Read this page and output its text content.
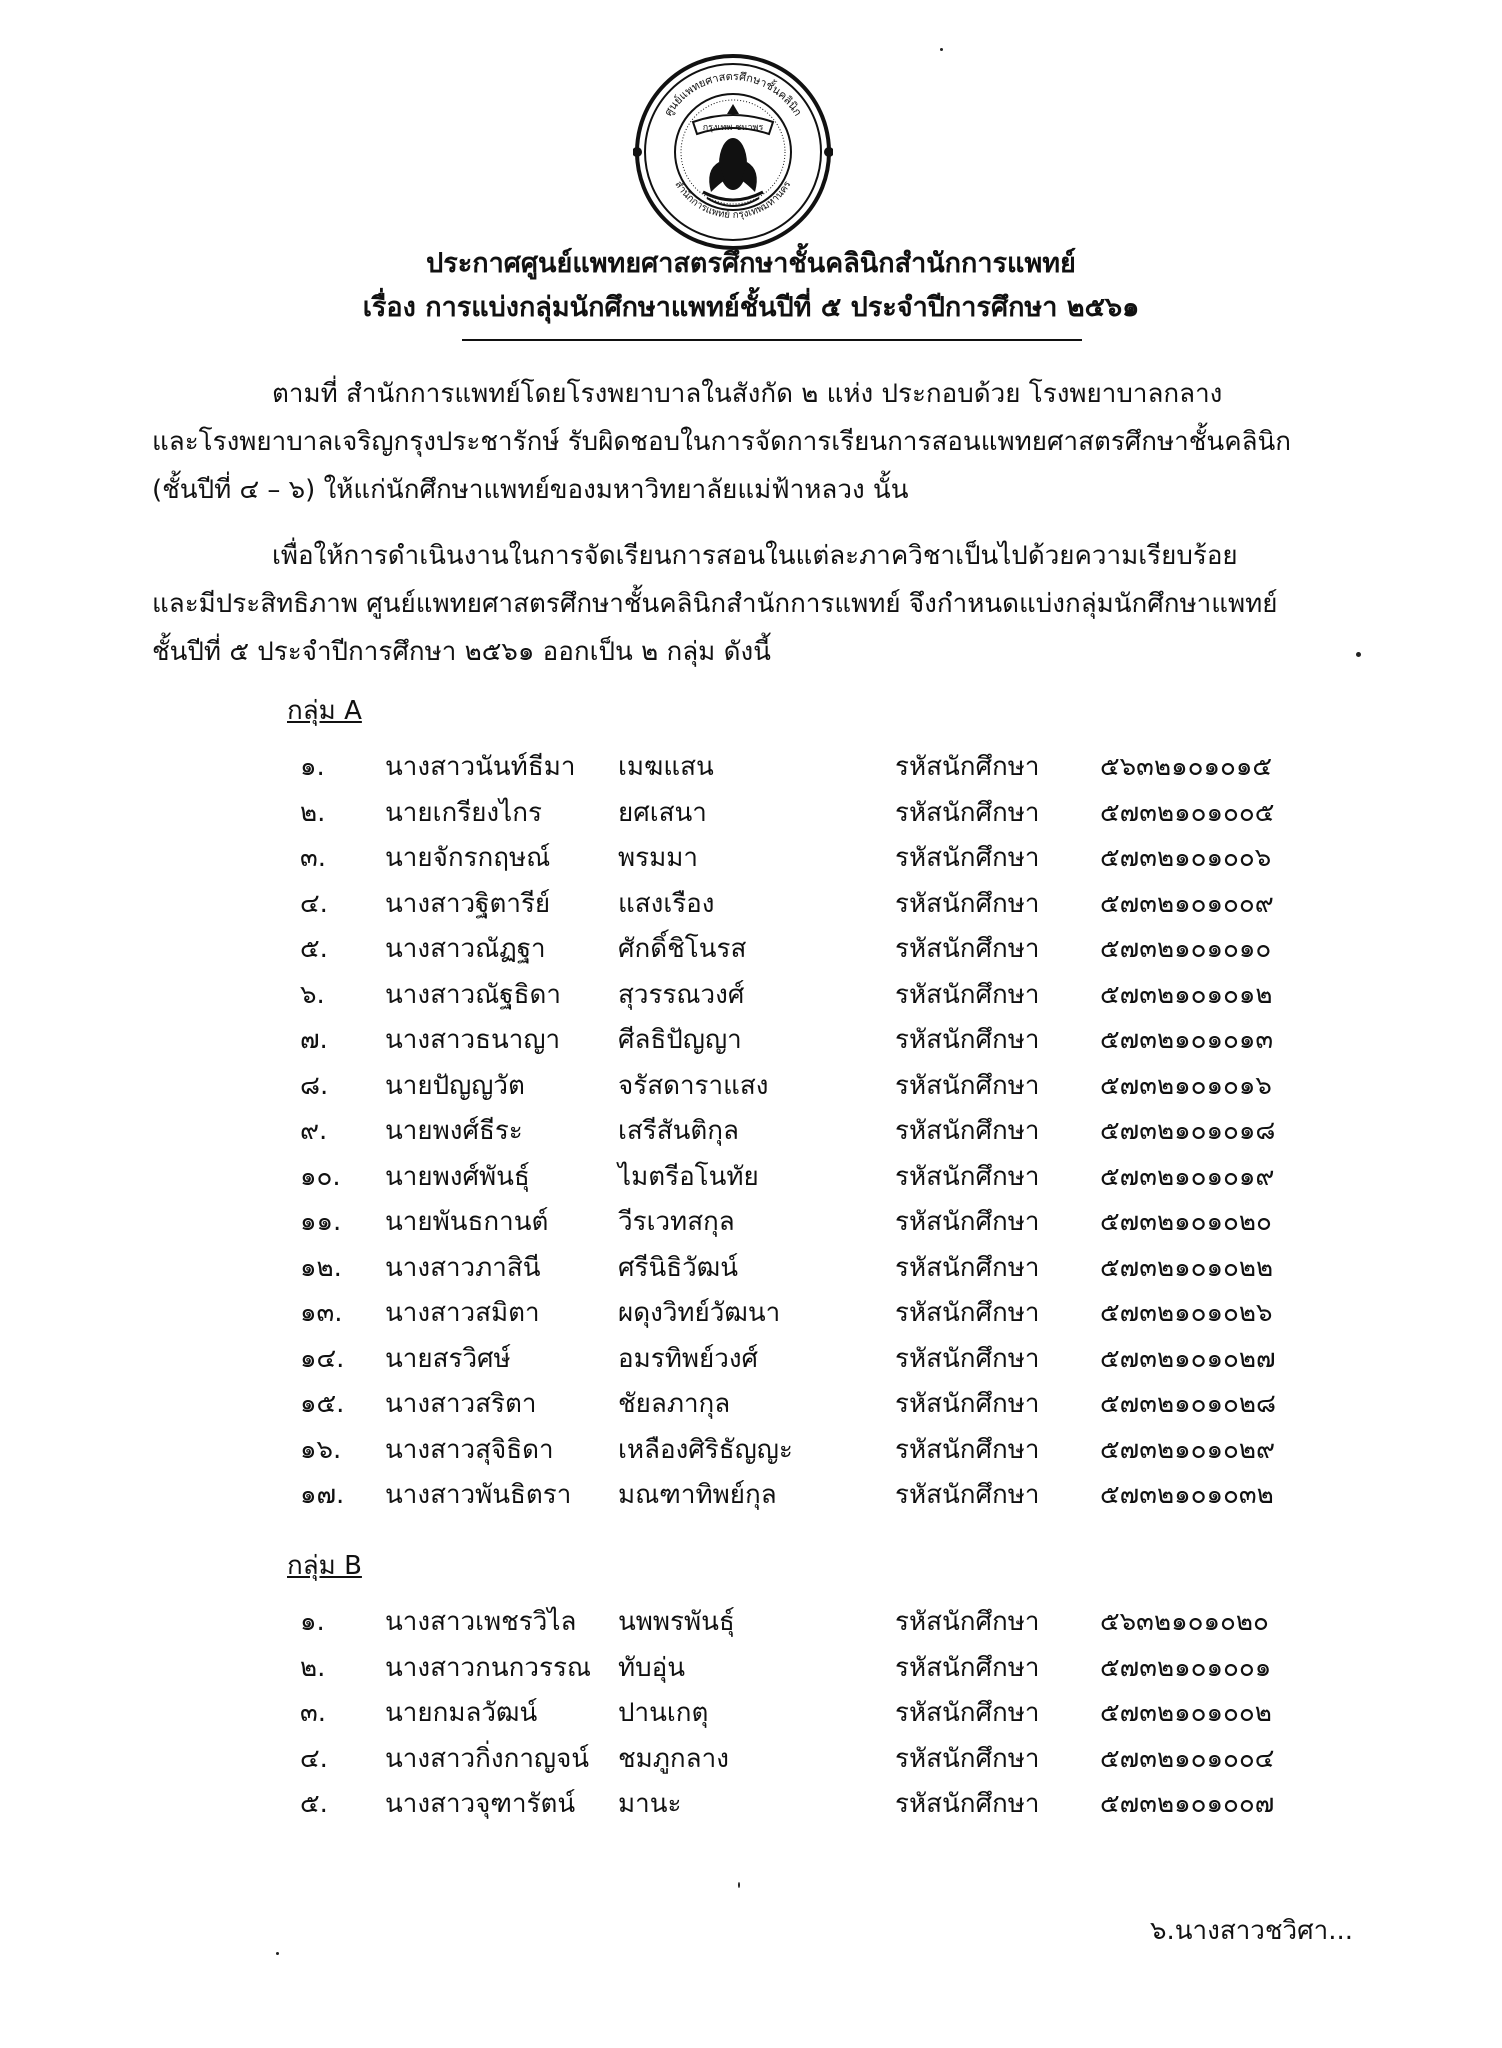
ศูนย์แพทยศาสตรศึกษาชั้นคลินิก
สำนักการแพทย์ กรุงเทพมหานคร
กรุงเทพ ชนาพร
ประกาศศูนย์แพทยศาสตรศึกษาชั้นคลินิกสำนักการแพทย์
เรื่อง การแบ่งกลุ่มนักศึกษาแพทย์ชั้นปีที่ ๕ ประจำปีการศึกษา ๒๕๖๑
ตามที่ สำนักการแพทย์โดยโรงพยาบาลในสังกัด ๒ แห่ง ประกอบด้วย โรงพยาบาลกลาง
และโรงพยาบาลเจริญกรุงประชารักษ์ รับผิดชอบในการจัดการเรียนการสอนแพทยศาสตรศึกษาชั้นคลินิก
(ชั้นปีที่ ๔ – ๖) ให้แก่นักศึกษาแพทย์ของมหาวิทยาลัยแม่ฟ้าหลวง นั้น
เพื่อให้การดำเนินงานในการจัดเรียนการสอนในแต่ละภาควิชาเป็นไปด้วยความเรียบร้อย
และมีประสิทธิภาพ ศูนย์แพทยศาสตรศึกษาชั้นคลินิกสำนักการแพทย์ จึงกำหนดแบ่งกลุ่มนักศึกษาแพทย์
ชั้นปีที่ ๕ ประจำปีการศึกษา ๒๕๖๑ ออกเป็น ๒ กลุ่ม ดังนี้
กลุ่ม A
๑. นางสาวนันท์ธีมา เมฆแสน	รหัสนักศึกษา ๕๖๓๒๑๐๑๐๑๕
๒. นายเกรียงไกร	ยศเสนา	รหัสนักศึกษา ๕๗๓๒๑๐๑๐๐๕
๓. นายจักรกฤษณ์	พรมมา	รหัสนักศึกษา ๕๗๓๒๑๐๑๐๐๖
๔. นางสาวฐิตารีย์	แสงเรือง	รหัสนักศึกษา ๕๗๓๒๑๐๑๐๐๙
๕. นางสาวณัฏฐา	ศักดิ์ชิโนรส	รหัสนักศึกษา ๕๗๓๒๑๐๑๐๑๐
๖. นางสาวณัฐธิดา สุวรรณวงศ์	รหัสนักศึกษา ๕๗๓๒๑๐๑๐๑๒
๗. นางสาวธนาญา ศีลธิปัญญา	รหัสนักศึกษา ๕๗๓๒๑๐๑๐๑๓
๘. นายปัญญวัต	จรัสดาราแสง	รหัสนักศึกษา ๕๗๓๒๑๐๑๐๑๖
๙. นายพงศ์ธีระ	เสรีสันติกุล	รหัสนักศึกษา ๕๗๓๒๑๐๑๐๑๘
๑๐. นายพงศ์พันธุ์	ไมตรีอโนทัย	รหัสนักศึกษา ๕๗๓๒๑๐๑๐๑๙
๑๑. นายพันธกานต์	วีรเวทสกุล	รหัสนักศึกษา ๕๗๓๒๑๐๑๐๒๐
๑๒. นางสาวภาสินี	ศรีนิธิวัฒน์	รหัสนักศึกษา ๕๗๓๒๑๐๑๐๒๒
๑๓. นางสาวสมิตา	ผดุงวิทย์วัฒนา	รหัสนักศึกษา ๕๗๓๒๑๐๑๐๒๖
๑๔. นายสรวิศษ์	อมรทิพย์วงศ์	รหัสนักศึกษา ๕๗๓๒๑๐๑๐๒๗
๑๕. นางสาวสริตา	ชัยลภากุล	รหัสนักศึกษา ๕๗๓๒๑๐๑๐๒๘
๑๖. นางสาวสุจิธิดา เหลืองศิริธัญญะ	รหัสนักศึกษา ๕๗๓๒๑๐๑๐๒๙
๑๗. นางสาวพันธิตรา มณฑาทิพย์กุล	รหัสนักศึกษา ๕๗๓๒๑๐๑๐๓๒
กลุ่ม B
๑. นางสาวเพชรวิไล นพพรพันธุ์	รหัสนักศึกษา ๕๖๓๒๑๐๑๐๒๐
๒. นางสาวกนกวรรณ ทับอุ่น	รหัสนักศึกษา ๕๗๓๒๑๐๑๐๐๑
๓. นายกมลวัฒน์	ปานเกตุ	รหัสนักศึกษา ๕๗๓๒๑๐๑๐๐๒
๔. นางสาวกิ่งกาญจน์ ชมภูกลาง	รหัสนักศึกษา ๕๗๓๒๑๐๑๐๐๔
๕. นางสาวจุฑารัตน์ มานะ	รหัสนักศึกษา ๕๗๓๒๑๐๑๐๐๗
๖.นางสาวชวิศา...
